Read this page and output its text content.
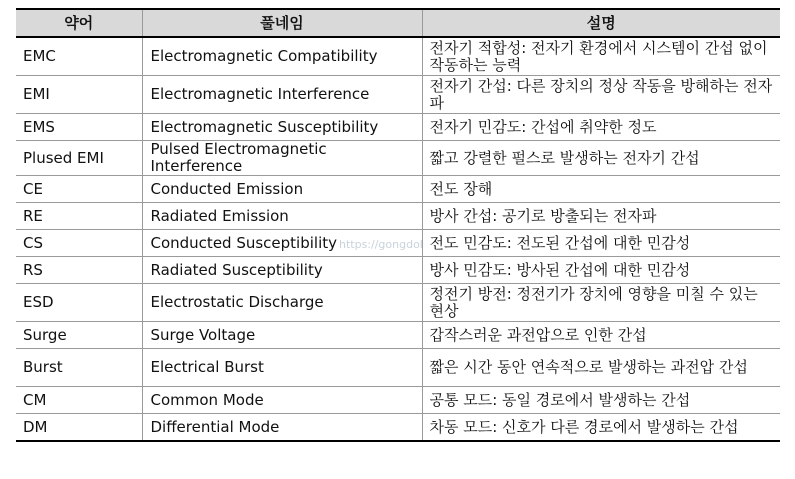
약어	풀네임	설명
EMC	Electromagnetic Compatibility	전자기 적합성: 전자기 환경에서 시스템이 간섭 없이 작동하는 능력
EMI	Electromagnetic Interference	전자기 간섭: 다른 장치의 정상 작동을 방해하는 전자파
EMS	Electromagnetic Susceptibility	전자기 민감도: 간섭에 취약한 정도
Plused EMI	Pulsed Electromagnetic Interference	짧고 강렬한 펄스로 발생하는 전자기 간섭
CE	Conducted Emission	전도 장해
RE	Radiated Emission	방사 간섭: 공기로 방출되는 전자파
CS	Conducted Susceptibility	전도 민감도: 전도된 간섭에 대한 민감성
RS	Radiated Susceptibility	방사 민감도: 방사된 간섭에 대한 민감성
ESD	Electrostatic Discharge	정전기 방전: 정전기가 장치에 영향을 미칠 수 있는 현상
Surge	Surge Voltage	갑작스러운 과전압으로 인한 간섭
Burst	Electrical Burst	짧은 시간 동안 연속적으로 발생하는 과전압 간섭
CM	Common Mode	공통 모드: 동일 경로에서 발생하는 간섭
DM	Differential Mode	차동 모드: 신호가 다른 경로에서 발생하는 간섭
https://gongdol
